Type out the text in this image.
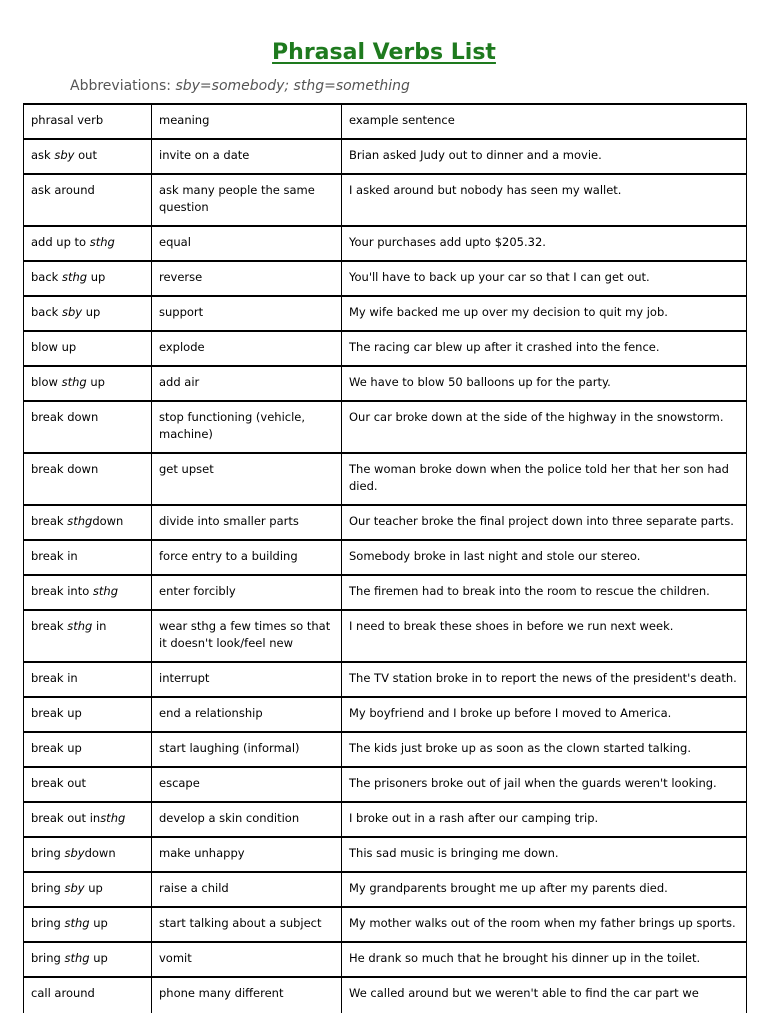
Phrasal Verbs List
Abbreviations: sby=somebody; sthg=something
phrasal verb	meaning	example sentence
ask sby out	invite on a date	Brian asked Judy out to dinner and a movie.
ask around	ask many people the same question	I asked around but nobody has seen my wallet.
add up to sthg	equal	Your purchases add upto $205.32.
back sthg up	reverse	You'll have to back up your car so that I can get out.
back sby up	support	My wife backed me up over my decision to quit my job.
blow up	explode	The racing car blew up after it crashed into the fence.
blow sthg up	add air	We have to blow 50 balloons up for the party.
break down	stop functioning (vehicle, machine)	Our car broke down at the side of the highway in the snowstorm.
break down	get upset	The woman broke down when the police told her that her son had died.
break sthgdown	divide into smaller parts	Our teacher broke the final project down into three separate parts.
break in	force entry to a building	Somebody broke in last night and stole our stereo.
break into sthg	enter forcibly	The firemen had to break into the room to rescue the children.
break sthg in	wear sthg a few times so that it doesn't look/feel new	I need to break these shoes in before we run next week.
break in	interrupt	The TV station broke in to report the news of the president's death.
break up	end a relationship	My boyfriend and I broke up before I moved to America.
break up	start laughing (informal)	The kids just broke up as soon as the clown started talking.
break out	escape	The prisoners broke out of jail when the guards weren't looking.
break out insthg	develop a skin condition	I broke out in a rash after our camping trip.
bring sbydown	make unhappy	This sad music is bringing me down.
bring sby up	raise a child	My grandparents brought me up after my parents died.
bring sthg up	start talking about a subject	My mother walks out of the room when my father brings up sports.
bring sthg up	vomit	He drank so much that he brought his dinner up in the toilet.
call around	phone many different	We called around but we weren't able to find the car part we
